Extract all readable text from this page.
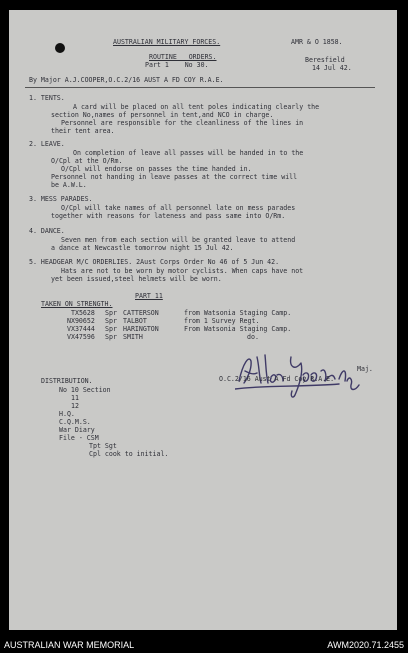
AUSTRALIAN MILITARY FORCES.	AMR & O 1858.
ROUTINE   ORDERS.
Part 1    No 30.
Beresfield
14 Jul 42.
By Major A.J.COOPER,O.C.2/16 AUST A FD COY R.A.E.
1. TENTS.
A card will be placed on all tent poles indicating clearly the
section No,names of personnel in tent,and NCO in charge.
Personnel are responsible for the cleanliness of the lines in
their tent area.
2. LEAVE.
On completion of leave all passes will be handed in to the
O/Cpl at the O/Rm.
O/Cpl will endorse on passes the time handed in.
Personnel not handing in leave passes at the correct time will
be A.W.L.
3. MESS PARADES.
O/Cpl will take names of all personnel late on mess parades
together with reasons for lateness and pass same into O/Rm.
4. DANCE.
Seven men from each section will be granted leave to attend
a dance at Newcastle tomorrow night 15 Jul 42.
5. HEADGEAR M/C ORDERLIES. 2Aust Corps Order No 46 of 5 Jun 42.
Hats are not to be worn by motor cyclists. When caps have not
yet been issued,steel helmets will be worn.
PART 11
TAKEN ON STRENGTH.
TX5628 Spr CATTERSON	from Watsonia Staging Camp.
NX90652 Spr TALBOT	from 1 Survey Regt.
VX37444 Spr HARINGTON	From Watsonia Staging Camp.
VX47596 Spr SMITH	do.
Maj.
O.C.2/16 Aust A Fd Coy R.A.E.
DISTRIBUTION.
No 10 Section
11
12
H.Q.
C.Q.M.S.
War Diary
File - CSM
Tpt Sgt
Cpl cook to initial.
AUSTRALIAN WAR MEMORIAL	AWM2020.71.2455
